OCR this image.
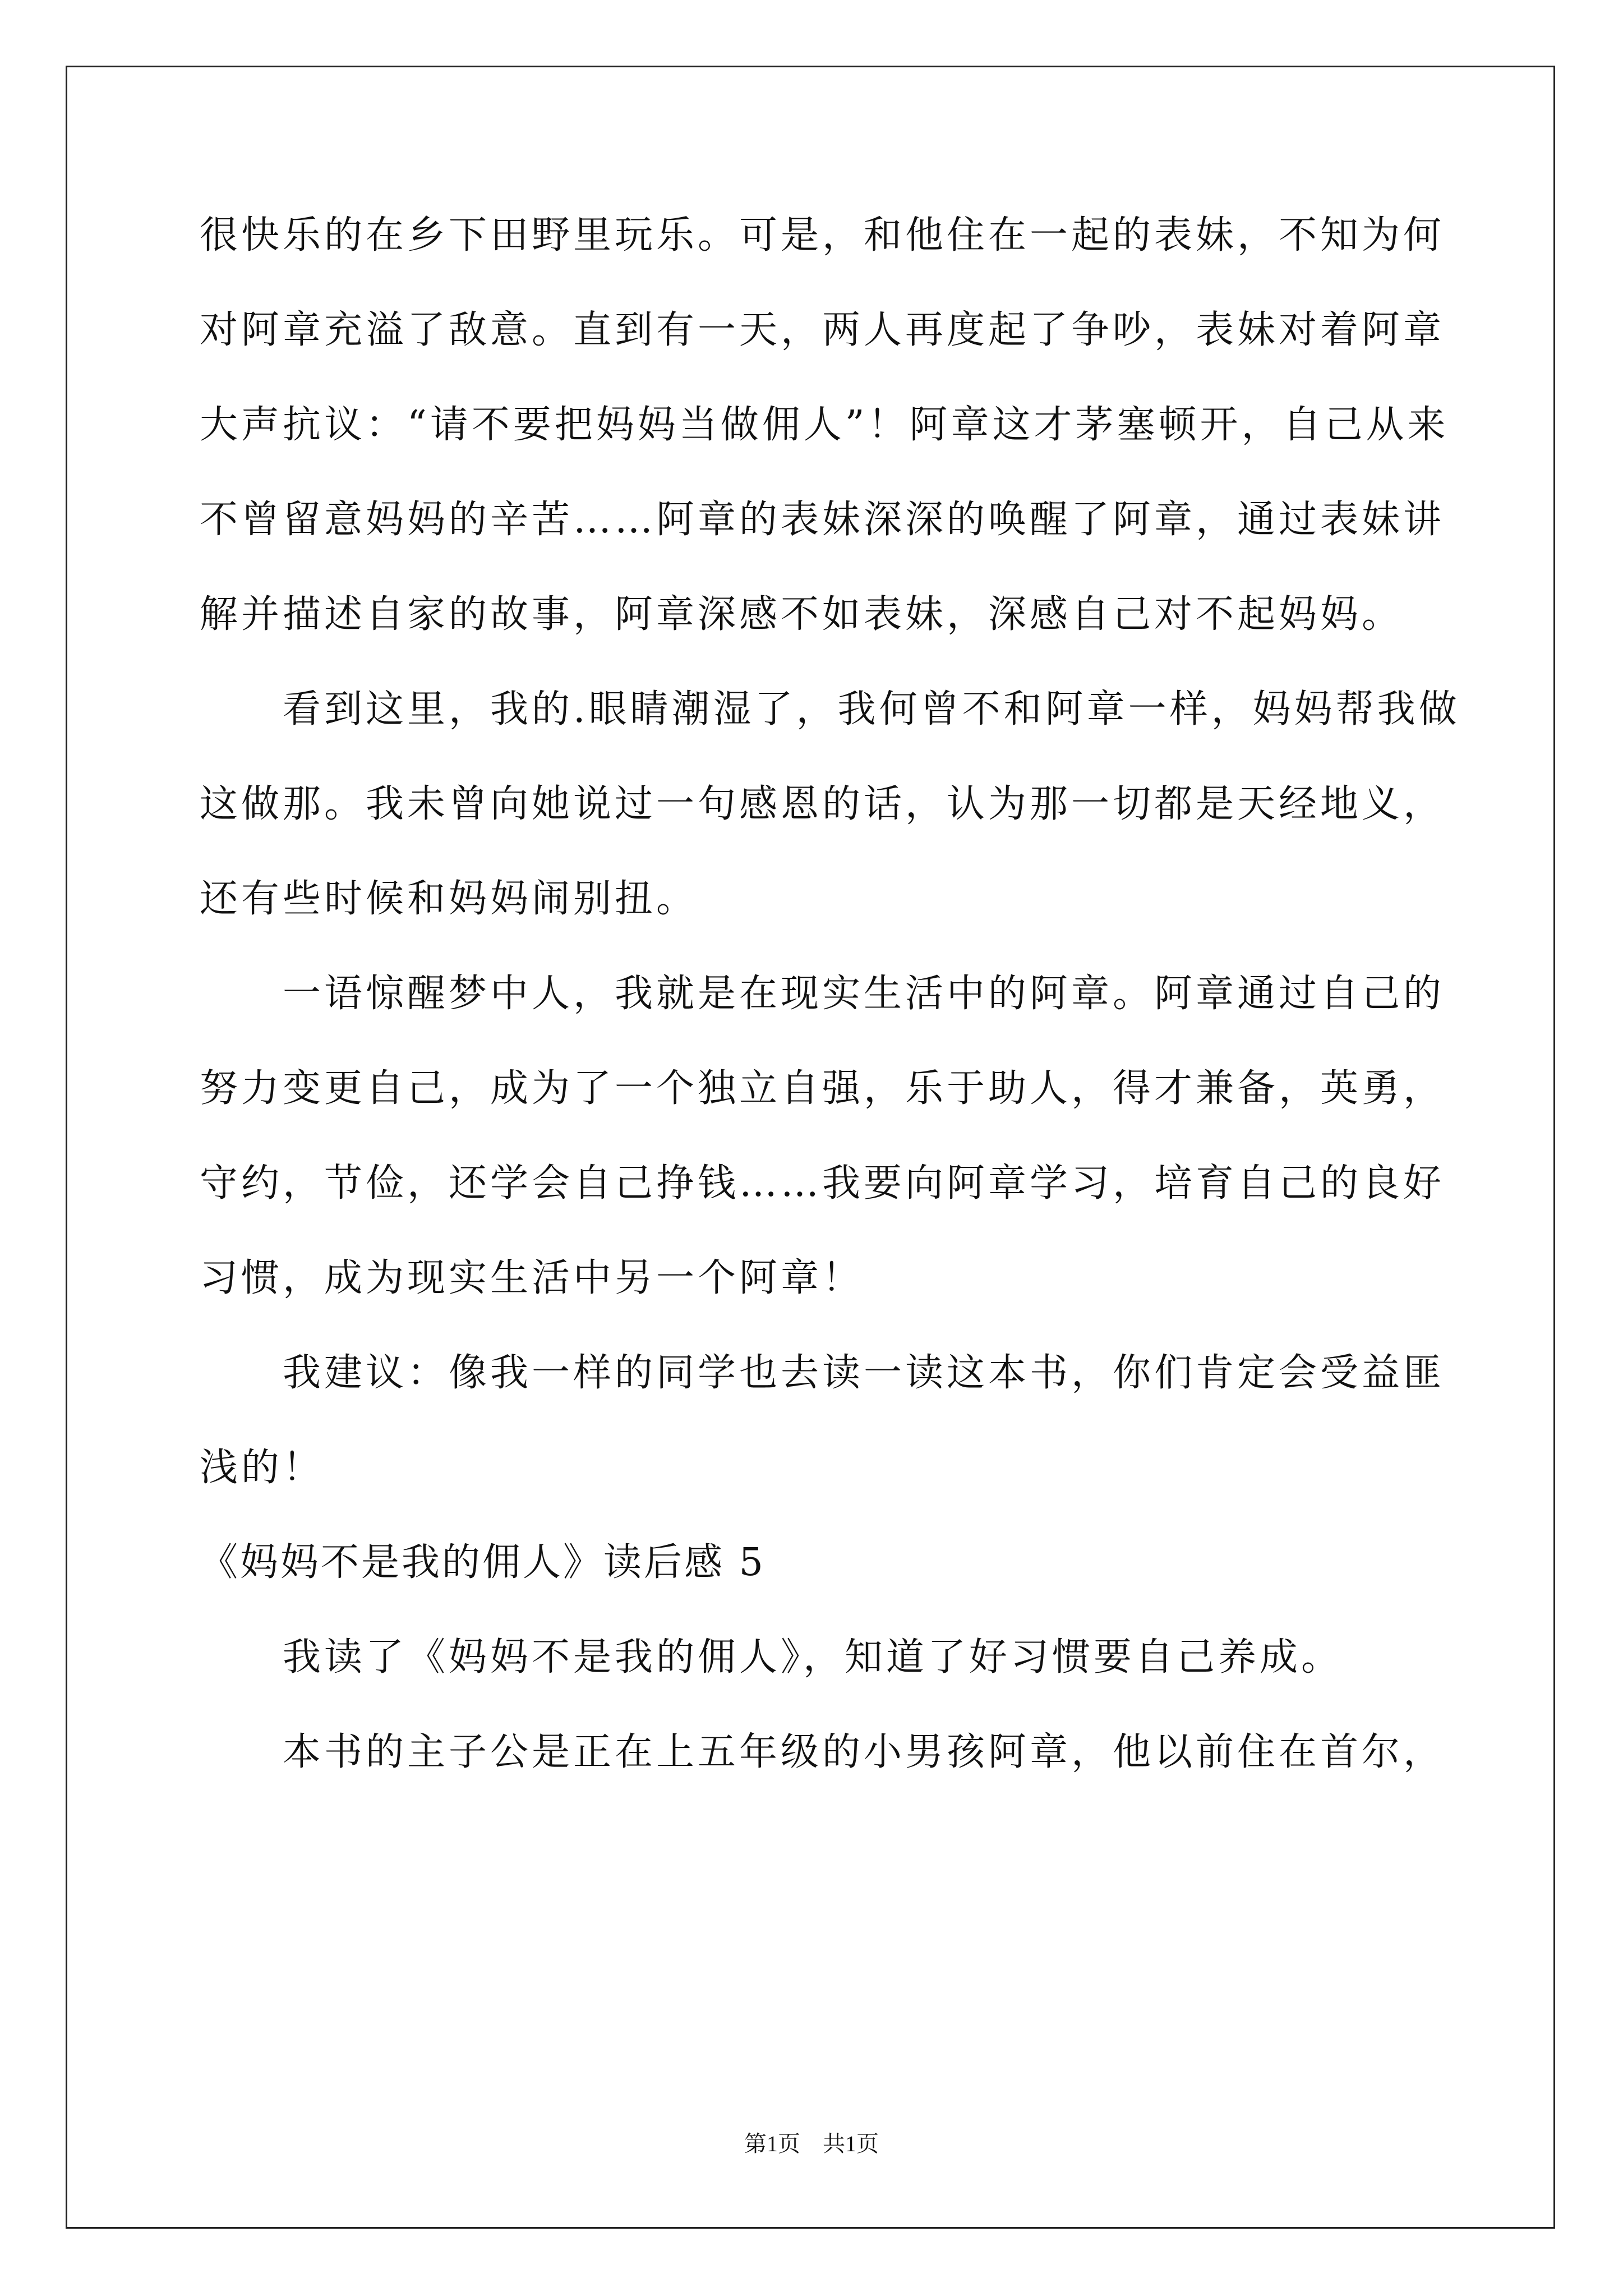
很快乐的在乡下田野里玩乐。可是，和他住在一起的表妹，不知为何
对阿章充溢了敌意。直到有一天，两人再度起了争吵，表妹对着阿章
大声抗议：“请不要把妈妈当做佣人”！阿章这才茅塞顿开，自己从来
不曾留意妈妈的辛苦……阿章的表妹深深的唤醒了阿章，通过表妹讲
解并描述自家的故事，阿章深感不如表妹，深感自己对不起妈妈。
　　看到这里，我的.眼睛潮湿了，我何曾不和阿章一样，妈妈帮我做
这做那。我未曾向她说过一句感恩的话，认为那一切都是天经地义，
还有些时候和妈妈闹别扭。
　　一语惊醒梦中人，我就是在现实生活中的阿章。阿章通过自己的
努力变更自己，成为了一个独立自强，乐于助人，得才兼备，英勇，
守约，节俭，还学会自己挣钱……我要向阿章学习，培育自己的良好
习惯，成为现实生活中另一个阿章！
　　我建议：像我一样的同学也去读一读这本书，你们肯定会受益匪
浅的！
《妈妈不是我的佣人》读后感 5
　　我读了《妈妈不是我的佣人》，知道了好习惯要自己养成。
　　本书的主子公是正在上五年级的小男孩阿章，他以前住在首尔，
第1页　共1页
